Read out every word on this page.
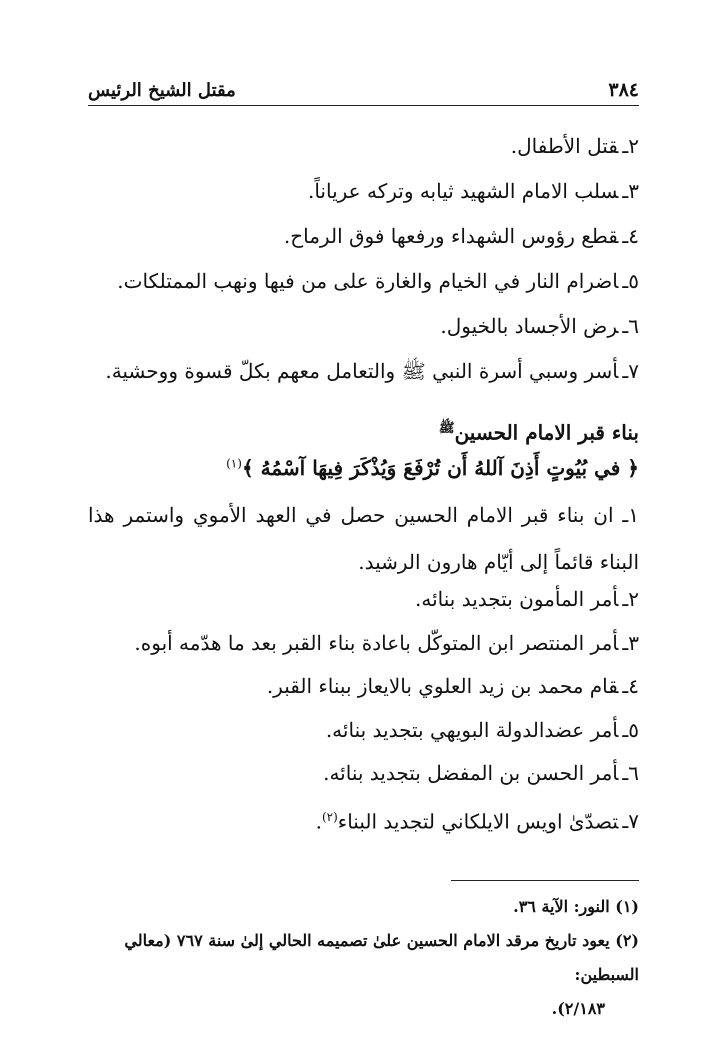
٣٨٤
مقتل الشيخ الرئيس
٢ـقتل الأطفال.
٣ـسلب الامام الشهيد ثيابه وتركه عرياناً.
٤ـقطع رؤوس الشهداء ورفعها فوق الرماح.
٥ـاضرام النار في الخيام والغارة على من فيها ونهب الممتلكات.
٦ـرض الأجساد بالخيول.
٧ـأسر وسبي أسرة النبي ﷺ والتعامل معهم بكلّ قسوة ووحشية.
بناء قبر الامام الحسين$^ﷺ$
﴿ في بُيُوتٍ أَذِنَ آللهُ أَن تُرْفَعَ وَيُذْكَرَ فِيهَا آسْمُهُ ﴾$^{(١)}$
١ـ ان بناء قبر الامام الحسين حصل في العهد الأموي واستمر هذا البناء قائماً إلى أيّام هارون الرشيد.
٢ـأمر المأمون بتجديد بنائه.
٣ـأمر المنتصر ابن المتوكّل باعادة بناء القبر بعد ما هدّمه أبوه.
٤ـقام محمد بن زيد العلوي بالايعاز ببناء القبر.
٥ـأمر عضدالدولة البويهي بتجديد بنائه.
٦ـأمر الحسن بن المفضل بتجديد بنائه.
٧ـتصدّىٰ اويس الايلكاني لتجديد البناء$^{(٢)}$.

(١) النور: الآية ٣٦.

(٢) يعود تاريخ مرقد الامام الحسين علىٰ تصميمه الحالي إلىٰ سنة ٧٦٧ (معالي السبطين:

٢/١٨٣).
